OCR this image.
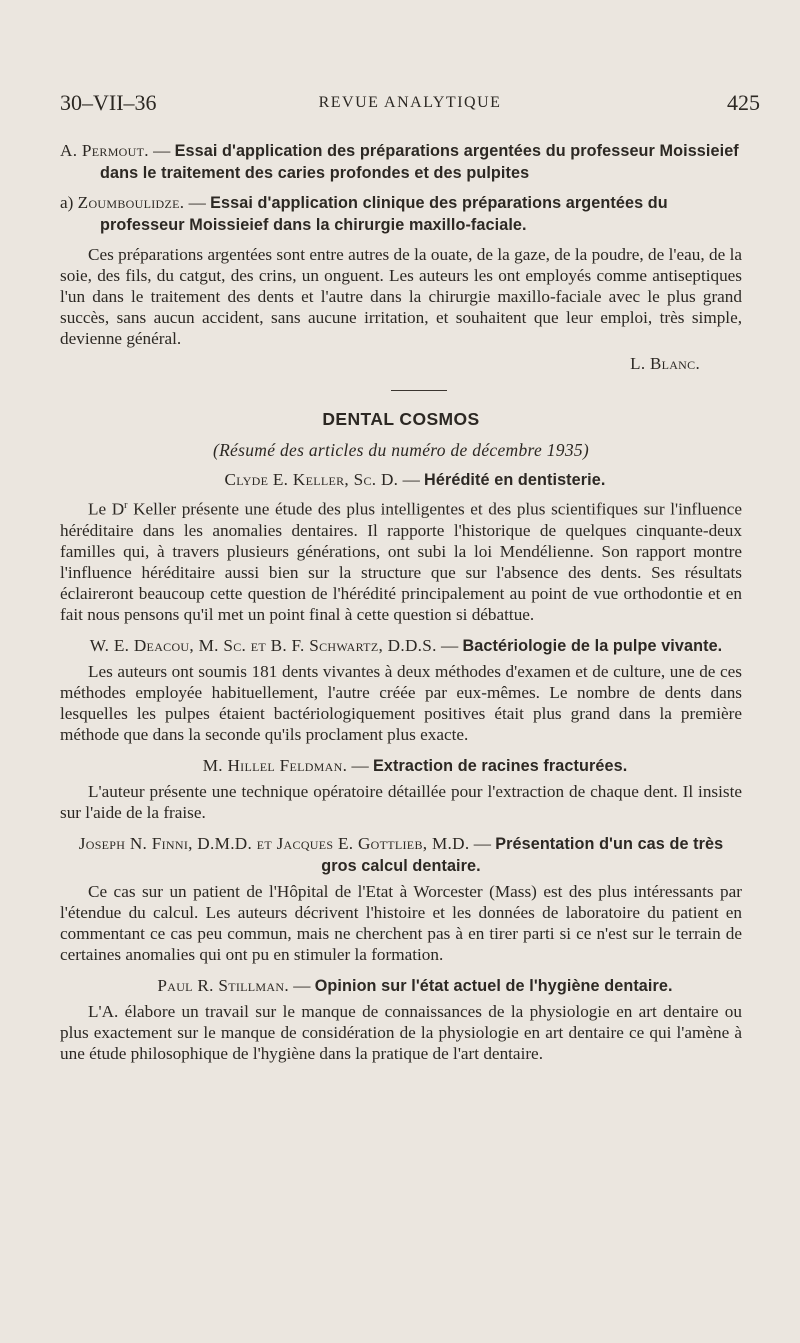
30–VII–36	REVUE ANALYTIQUE	425

A. Permout. — Essai d'application des préparations argentées du professeur Moissieief dans le traitement des caries profondes et des pulpites

a) Zoumboulidze. — Essai d'application clinique des préparations argentées du professeur Moissieief dans la chirurgie maxillo-faciale.

Ces préparations argentées sont entre autres de la ouate, de la gaze, de la poudre, de l'eau, de la soie, des fils, du catgut, des crins, un onguent. Les auteurs les ont employés comme antiseptiques l'un dans le traitement des dents et l'autre dans la chirurgie maxillo-faciale avec le plus grand succès, sans aucun accident, sans aucune irritation, et souhaitent que leur emploi, très simple, devienne général.

L. Blanc.
DENTAL COSMOS
(Résumé des articles du numéro de décembre 1935)

Clyde E. Keller, Sc. D. — Hérédité en dentisterie.

Le $D^r$ Keller présente une étude des plus intelligentes et des plus scientifiques sur l'influence héréditaire dans les anomalies dentaires. Il rapporte l'historique de quelques cinquante-deux familles qui, à travers plusieurs générations, ont subi la loi Mendélienne. Son rapport montre l'influence héréditaire aussi bien sur la structure que sur l'absence des dents. Ses résultats éclaireront beaucoup cette question de l'hérédité principalement au point de vue orthodontie et en fait nous pensons qu'il met un point final à cette question si débattue.

W. E. Deacou, M. Sc. et B. F. Schwartz, D.D.S. — Bactériologie de la pulpe vivante.

Les auteurs ont soumis 181 dents vivantes à deux méthodes d'examen et de culture, une de ces méthodes employée habituellement, l'autre créée par eux-mêmes. Le nombre de dents dans lesquelles les pulpes étaient bactériologiquement positives était plus grand dans la première méthode que dans la seconde qu'ils proclament plus exacte.

M. Hillel Feldman. — Extraction de racines fracturées.

L'auteur présente une technique opératoire détaillée pour l'extraction de chaque dent. Il insiste sur l'aide de la fraise.

Joseph N. Finni, D.M.D. et Jacques E. Gottlieb, M.D. — Présentation d'un cas de très gros calcul dentaire.

Ce cas sur un patient de l'Hôpital de l'Etat à Worcester (Mass) est des plus intéressants par l'étendue du calcul. Les auteurs décrivent l'histoire et les données de laboratoire du patient en commentant ce cas peu commun, mais ne cherchent pas à en tirer parti si ce n'est sur le terrain de certaines anomalies qui ont pu en stimuler la formation.

Paul R. Stillman. — Opinion sur l'état actuel de l'hygiène dentaire.

L'A. élabore un travail sur le manque de connaissances de la physiologie en art dentaire ou plus exactement sur le manque de considération de la physiologie en art dentaire ce qui l'amène à une étude philosophique de l'hygiène dans la pratique de l'art dentaire.
